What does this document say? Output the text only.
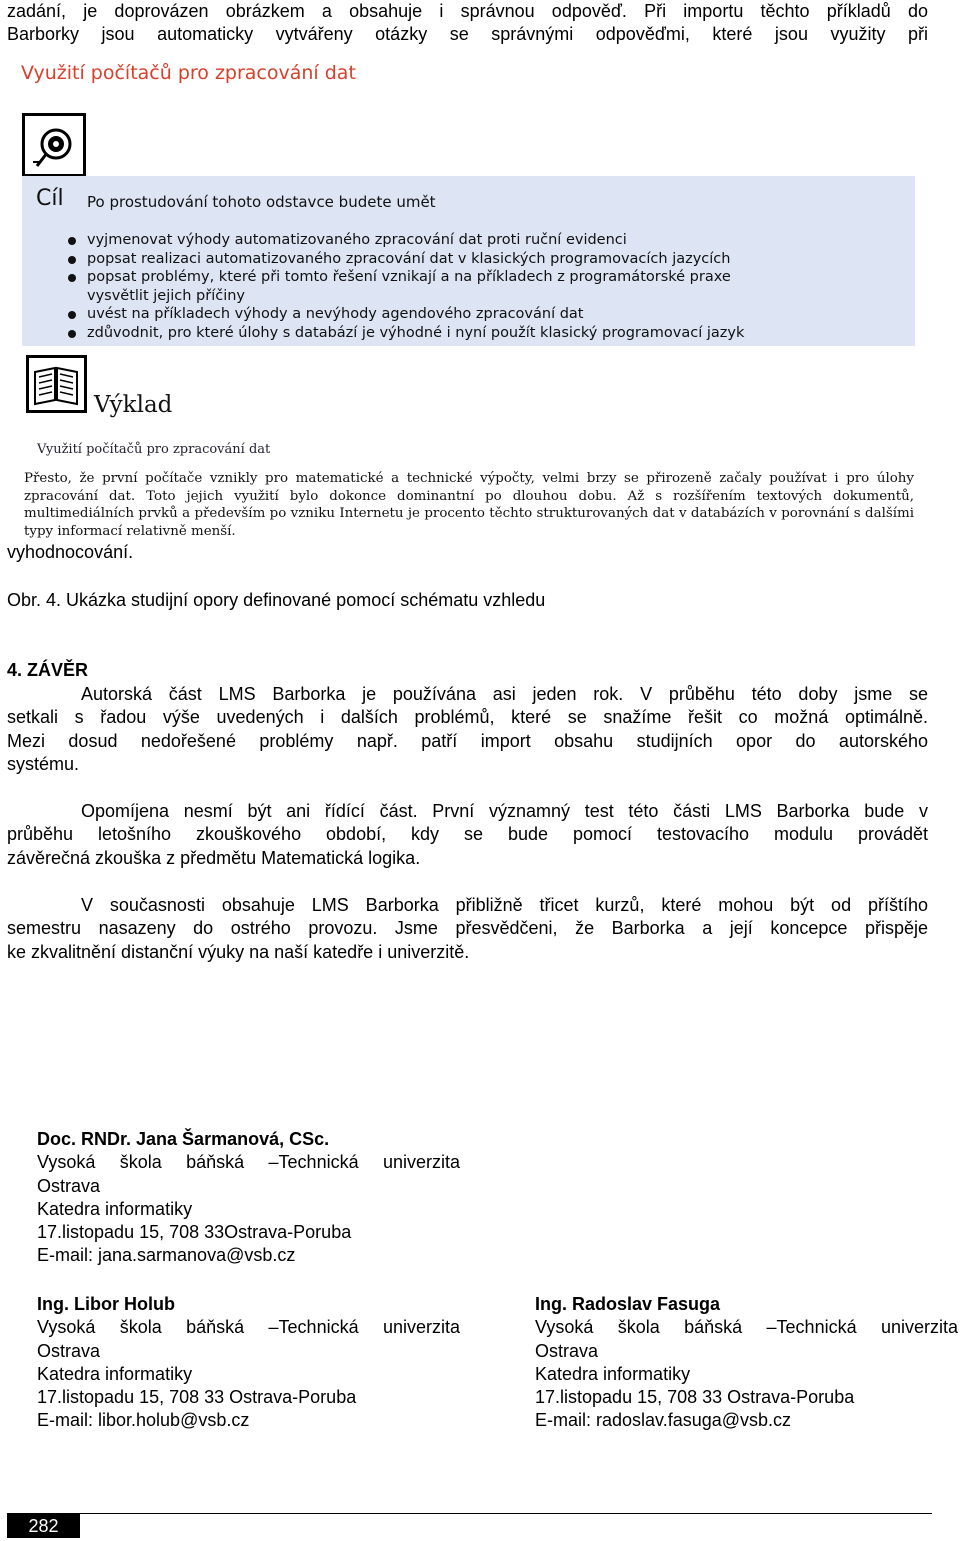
zadání, je doprovázen obrázkem a obsahuje i správnou odpověď. Při importu těchto příkladů do
Barborky jsou automaticky vytvářeny otázky se správnými odpověďmi, které jsou využity při
Využití počítačů pro zpracování dat
Cíl Po prostudování tohoto odstavce budete umět
vyjmenovat výhody automatizovaného zpracování dat proti ruční evidenci
popsat realizaci automatizovaného zpracování dat v klasických programovacích jazycích
popsat problémy, které při tomto řešení vznikají a na příkladech z programátorské praxe
vysvětlit jejich příčiny
uvést na příkladech výhody a nevýhody agendového zpracování dat
zdůvodnit, pro které úlohy s databází je výhodné i nyní použít klasický programovací jazyk
Výklad
Využití počítačů pro zpracování dat
Přesto, že první počítače vznikly pro matematické a technické výpočty, velmi brzy se přirozeně začaly používat i pro úlohy zpracování dat. Toto jejich využití bylo dokonce dominantní po dlouhou dobu. Až s rozšířením textových dokumentů, multimediálních prvků a především po vzniku Internetu je procento těchto strukturovaných dat v databázích v porovnání s dalšími typy informací relativně menší.
vyhodnocování.
Obr. 4. Ukázka studijní opory definované pomocí schématu vzhledu
4. ZÁVĚR
Autorská část LMS Barborka je používána asi jeden rok. V průběhu této doby jsme se
setkali s řadou výše uvedených i dalších problémů, které se snažíme řešit co možná optimálně.
Mezi dosud nedořešené problémy např. patří import obsahu studijních opor do autorského
systému.
Opomíjena nesmí být ani řídící část. První významný test této části LMS Barborka bude v
průběhu letošního zkouškového období, kdy se bude pomocí testovacího modulu provádět
závěrečná zkouška z předmětu Matematická logika.
V současnosti obsahuje LMS Barborka přibližně třicet kurzů, které mohou být od příštího
semestru nasazeny do ostrého provozu. Jsme přesvědčeni, že Barborka a její koncepce přispěje
ke zkvalitnění distanční výuky na naší katedře i univerzitě.
Doc. RNDr. Jana Šarmanová, CSc.
Vysoká škola báňská –Technická univerzita
Ostrava
Katedra informatiky
17.listopadu 15, 708 33Ostrava-Poruba
E-mail: jana.sarmanova@vsb.cz
Ing. Libor Holub
Vysoká škola báňská –Technická univerzita
Ostrava
Katedra informatiky
17.listopadu 15, 708 33 Ostrava-Poruba
E-mail: libor.holub@vsb.cz
Ing. Radoslav Fasuga
Vysoká škola báňská –Technická univerzita
Ostrava
Katedra informatiky
17.listopadu 15, 708 33 Ostrava-Poruba
E-mail: radoslav.fasuga@vsb.cz
282
